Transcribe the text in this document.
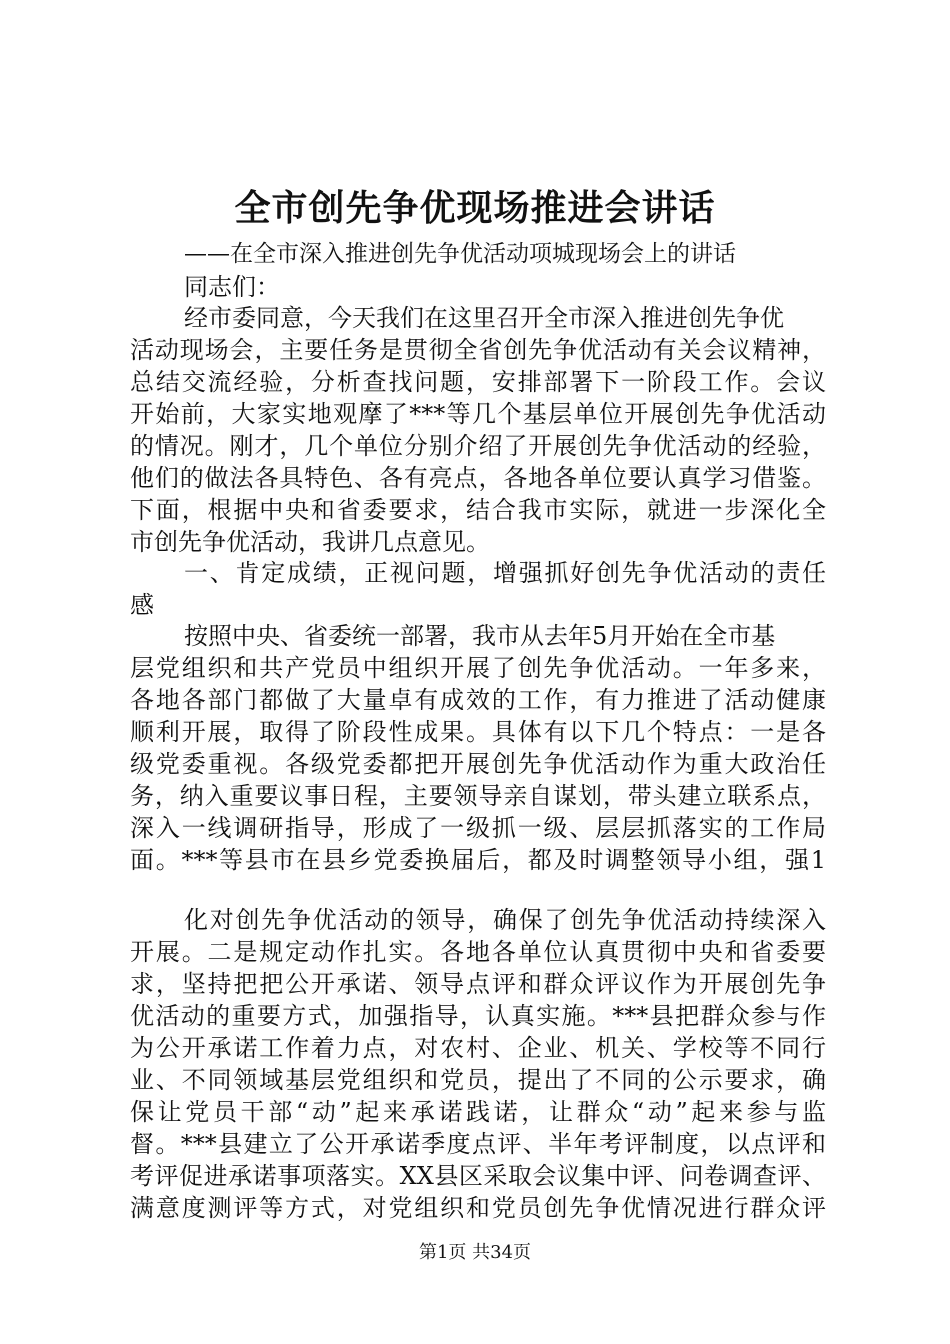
全市创先争优现场推进会讲话
——在全市深入推进创先争优活动项城现场会上的讲话
同志们：
经市委同意，今天我们在这里召开全市深入推进创先争优
活动现场会，主要任务是贯彻全省创先争优活动有关会议精神，
总结交流经验，分析查找问题，安排部署下一阶段工作。会议
开始前，大家实地观摩了***等几个基层单位开展创先争优活动
的情况。刚才，几个单位分别介绍了开展创先争优活动的经验，
他们的做法各具特色、各有亮点，各地各单位要认真学习借鉴。
下面，根据中央和省委要求，结合我市实际，就进一步深化全
市创先争优活动，我讲几点意见。
一、肯定成绩，正视问题，增强抓好创先争优活动的责任
感
按照中央、省委统一部署，我市从去年5月开始在全市基
层党组织和共产党员中组织开展了创先争优活动。一年多来，
各地各部门都做了大量卓有成效的工作，有力推进了活动健康
顺利开展，取得了阶段性成果。具体有以下几个特点：一是各
级党委重视。各级党委都把开展创先争优活动作为重大政治任
务，纳入重要议事日程，主要领导亲自谋划，带头建立联系点，
深入一线调研指导，形成了一级抓一级、层层抓落实的工作局
面。***等县市在县乡党委换届后，都及时调整领导小组，强1
化对创先争优活动的领导，确保了创先争优活动持续深入
开展。二是规定动作扎实。各地各单位认真贯彻中央和省委要
求，坚持把把公开承诺、领导点评和群众评议作为开展创先争
优活动的重要方式，加强指导，认真实施。***县把群众参与作
为公开承诺工作着力点，对农村、企业、机关、学校等不同行
业、不同领域基层党组织和党员，提出了不同的公示要求，确
保让党员干部“动”起来承诺践诺，让群众“动”起来参与监
督。***县建立了公开承诺季度点评、半年考评制度，以点评和
考评促进承诺事项落实。XX县区采取会议集中评、问卷调查评、
满意度测评等方式，对党组织和党员创先争优情况进行群众评
第1页 共34页
